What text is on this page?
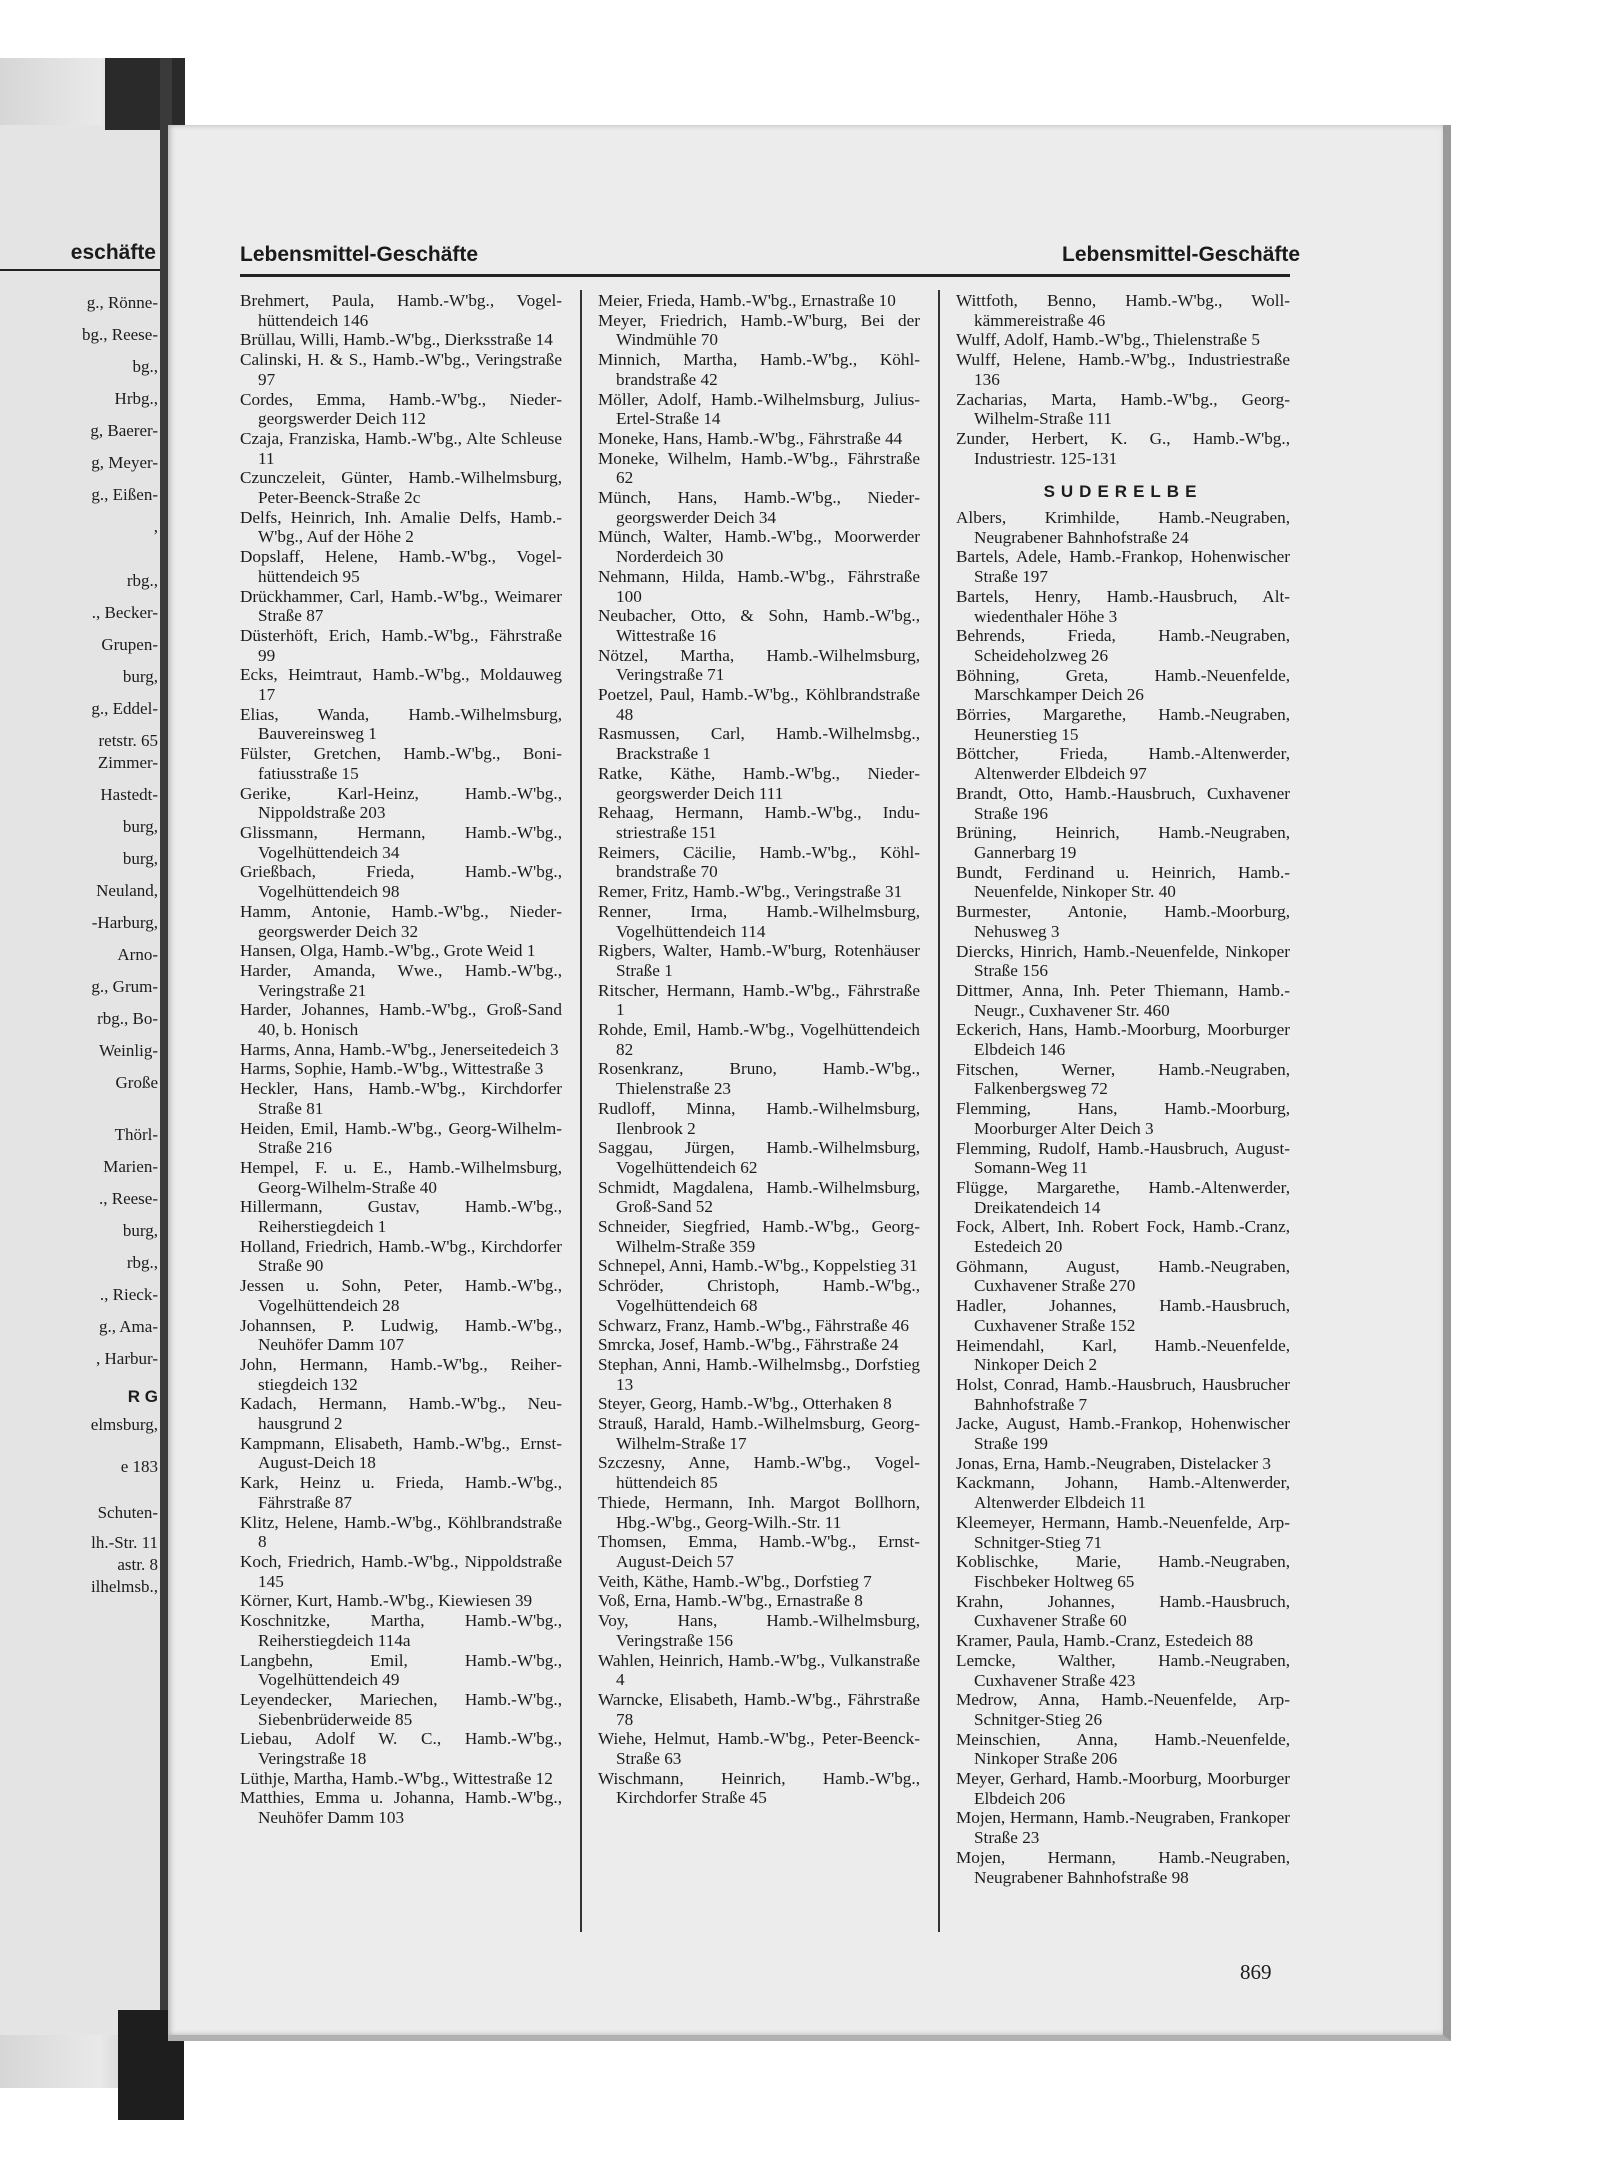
eschäfte
g., Rönne-
bg., Reese-
bg.,
Hrbg.,
g, Baerer-
g, Meyer-
g., Eißen-
,
rbg.,
., Becker-
Grupen-
burg,
g., Eddel-
retstr. 65
Zimmer-
Hastedt-
burg,
burg,
Neuland,
-Harburg,
Arno-
g., Grum-
rbg., Bo-
Weinlig-
Große
Thörl-
Marien-
., Reese-
burg,
rbg.,
., Rieck-
g., Ama-
, Harbur-
R G
elmsburg,
e 183
Schuten-
lh.-Str. 11
astr. 8
ilhelmsb.,
Lebensmittel-Geschäfte	Lebensmittel-Geschäfte

Brehmert, Paula, Hamb.-W'bg., Vogelhüttendeich 146

Brüllau, Willi, Hamb.-W'bg., Dierksstraße 14

Calinski, H. & S., Hamb.-W'bg., Veringstraße 97

Cordes, Emma, Hamb.-W'bg., Niedergeorgswerder Deich 112

Czaja, Franziska, Hamb.-W'bg., Alte Schleuse 11

Czunczeleit, Günter, Hamb.-Wilhelmsburg, Peter-Beenck-Straße 2c

Delfs, Heinrich, Inh. Amalie Delfs, Hamb.-W'bg., Auf der Höhe 2

Dopslaff, Helene, Hamb.-W'bg., Vogelhüttendeich 95

Drückhammer, Carl, Hamb.-W'bg., Weimarer Straße 87

Düsterhöft, Erich, Hamb.-W'bg., Fährstraße 99

Ecks, Heimtraut, Hamb.-W'bg., Moldauweg 17

Elias, Wanda, Hamb.-Wilhelmsburg, Bauvereinsweg 1

Fülster, Gretchen, Hamb.-W'bg., Bonifatiusstraße 15

Gerike, Karl-Heinz, Hamb.-W'bg., Nippoldstraße 203

Glissmann, Hermann, Hamb.-W'bg., Vogelhüttendeich 34

Grießbach, Frieda, Hamb.-W'bg., Vogelhüttendeich 98

Hamm, Antonie, Hamb.-W'bg., Niedergeorgswerder Deich 32

Hansen, Olga, Hamb.-W'bg., Grote Weid 1

Harder, Amanda, Wwe., Hamb.-W'bg., Veringstraße 21

Harder, Johannes, Hamb.-W'bg., Groß-Sand 40, b. Honisch

Harms, Anna, Hamb.-W'bg., Jenerseitedeich 3

Harms, Sophie, Hamb.-W'bg., Wittestraße 3

Heckler, Hans, Hamb.-W'bg., Kirchdorfer Straße 81

Heiden, Emil, Hamb.-W'bg., Georg-Wilhelm-Straße 216

Hempel, F. u. E., Hamb.-Wilhelmsburg, Georg-Wilhelm-Straße 40

Hillermann, Gustav, Hamb.-W'bg., Reiherstiegdeich 1

Holland, Friedrich, Hamb.-W'bg., Kirchdorfer Straße 90

Jessen u. Sohn, Peter, Hamb.-W'bg., Vogelhüttendeich 28

Johannsen, P. Ludwig, Hamb.-W'bg., Neuhöfer Damm 107

John, Hermann, Hamb.-W'bg., Reiherstiegdeich 132

Kadach, Hermann, Hamb.-W'bg., Neuhausgrund 2

Kampmann, Elisabeth, Hamb.-W'bg., Ernst-August-Deich 18

Kark, Heinz u. Frieda, Hamb.-W'bg., Fährstraße 87

Klitz, Helene, Hamb.-W'bg., Köhlbrandstraße 8

Koch, Friedrich, Hamb.-W'bg., Nippoldstraße 145

Körner, Kurt, Hamb.-W'bg., Kiewiesen 39

Koschnitzke, Martha, Hamb.-W'bg., Reiherstiegdeich 114a

Langbehn, Emil, Hamb.-W'bg., Vogelhüttendeich 49

Leyendecker, Mariechen, Hamb.-W'bg., Siebenbrüderweide 85

Liebau, Adolf W. C., Hamb.-W'bg., Veringstraße 18

Lüthje, Martha, Hamb.-W'bg., Wittestraße 12

Matthies, Emma u. Johanna, Hamb.-W'bg., Neuhöfer Damm 103

Meier, Frieda, Hamb.-W'bg., Ernastraße 10

Meyer, Friedrich, Hamb.-W'burg, Bei der Windmühle 70

Minnich, Martha, Hamb.-W'bg., Köhlbrandstraße 42

Möller, Adolf, Hamb.-Wilhelmsburg, Julius-Ertel-Straße 14

Moneke, Hans, Hamb.-W'bg., Fährstraße 44

Moneke, Wilhelm, Hamb.-W'bg., Fährstraße 62

Münch, Hans, Hamb.-W'bg., Niedergeorgswerder Deich 34

Münch, Walter, Hamb.-W'bg., Moorwerder Norderdeich 30

Nehmann, Hilda, Hamb.-W'bg., Fährstraße 100

Neubacher, Otto, & Sohn, Hamb.-W'bg., Wittestraße 16

Nötzel, Martha, Hamb.-Wilhelmsburg, Veringstraße 71

Poetzel, Paul, Hamb.-W'bg., Köhlbrandstraße 48

Rasmussen, Carl, Hamb.-Wilhelmsbg., Brackstraße 1

Ratke, Käthe, Hamb.-W'bg., Niedergeorgswerder Deich 111

Rehaag, Hermann, Hamb.-W'bg., Industriestraße 151

Reimers, Cäcilie, Hamb.-W'bg., Köhlbrandstraße 70

Remer, Fritz, Hamb.-W'bg., Veringstraße 31

Renner, Irma, Hamb.-Wilhelmsburg, Vogelhüttendeich 114

Rigbers, Walter, Hamb.-W'burg, Rotenhäuser Straße 1

Ritscher, Hermann, Hamb.-W'bg., Fährstraße 1

Rohde, Emil, Hamb.-W'bg., Vogelhüttendeich 82

Rosenkranz, Bruno, Hamb.-W'bg., Thielenstraße 23

Rudloff, Minna, Hamb.-Wilhelmsburg, Ilenbrook 2

Saggau, Jürgen, Hamb.-Wilhelmsburg, Vogelhüttendeich 62

Schmidt, Magdalena, Hamb.-Wilhelmsburg, Groß-Sand 52

Schneider, Siegfried, Hamb.-W'bg., Georg-Wilhelm-Straße 359

Schnepel, Anni, Hamb.-W'bg., Koppelstieg 31

Schröder, Christoph, Hamb.-W'bg., Vogelhüttendeich 68

Schwarz, Franz, Hamb.-W'bg., Fährstraße 46

Smrcka, Josef, Hamb.-W'bg., Fährstraße 24

Stephan, Anni, Hamb.-Wilhelmsbg., Dorfstieg 13

Steyer, Georg, Hamb.-W'bg., Otterhaken 8

Strauß, Harald, Hamb.-Wilhelmsburg, Georg-Wilhelm-Straße 17

Szczesny, Anne, Hamb.-W'bg., Vogelhüttendeich 85

Thiede, Hermann, Inh. Margot Bollhorn, Hbg.-W'bg., Georg-Wilh.-Str. 11

Thomsen, Emma, Hamb.-W'bg., Ernst-August-Deich 57

Veith, Käthe, Hamb.-W'bg., Dorfstieg 7

Voß, Erna, Hamb.-W'bg., Ernastraße 8

Voy, Hans, Hamb.-Wilhelmsburg, Veringstraße 156

Wahlen, Heinrich, Hamb.-W'bg., Vulkanstraße 4

Warncke, Elisabeth, Hamb.-W'bg., Fährstraße 78

Wiehe, Helmut, Hamb.-W'bg., Peter-Beenck-Straße 63

Wischmann, Heinrich, Hamb.-W'bg., Kirchdorfer Straße 45

Wittfoth, Benno, Hamb.-W'bg., Wollkämmereistraße 46

Wulff, Adolf, Hamb.-W'bg., Thielenstraße 5

Wulff, Helene, Hamb.-W'bg., Industriestraße 136

Zacharias, Marta, Hamb.-W'bg., Georg-Wilhelm-Straße 111

Zunder, Herbert, K. G., Hamb.-W'bg., Industriestr. 125-131

SUDERELBE

Albers, Krimhilde, Hamb.-Neugraben, Neugrabener Bahnhofstraße 24

Bartels, Adele, Hamb.-Frankop, Hohenwischer Straße 197

Bartels, Henry, Hamb.-Hausbruch, Altwiedenthaler Höhe 3

Behrends, Frieda, Hamb.-Neugraben, Scheideholzweg 26

Böhning, Greta, Hamb.-Neuenfelde, Marschkamper Deich 26

Börries, Margarethe, Hamb.-Neugraben, Heunerstieg 15

Böttcher, Frieda, Hamb.-Altenwerder, Altenwerder Elbdeich 97

Brandt, Otto, Hamb.-Hausbruch, Cuxhavener Straße 196

Brüning, Heinrich, Hamb.-Neugraben, Gannerbarg 19

Bundt, Ferdinand u. Heinrich, Hamb.-Neuenfelde, Ninkoper Str. 40

Burmester, Antonie, Hamb.-Moorburg, Nehusweg 3

Diercks, Hinrich, Hamb.-Neuenfelde, Ninkoper Straße 156

Dittmer, Anna, Inh. Peter Thiemann, Hamb.-Neugr., Cuxhavener Str. 460

Eckerich, Hans, Hamb.-Moorburg, Moorburger Elbdeich 146

Fitschen, Werner, Hamb.-Neugraben, Falkenbergsweg 72

Flemming, Hans, Hamb.-Moorburg, Moorburger Alter Deich 3

Flemming, Rudolf, Hamb.-Hausbruch, August-Somann-Weg 11

Flügge, Margarethe, Hamb.-Altenwerder, Dreikatendeich 14

Fock, Albert, Inh. Robert Fock, Hamb.-Cranz, Estedeich 20

Göhmann, August, Hamb.-Neugraben, Cuxhavener Straße 270

Hadler, Johannes, Hamb.-Hausbruch, Cuxhavener Straße 152

Heimendahl, Karl, Hamb.-Neuenfelde, Ninkoper Deich 2

Holst, Conrad, Hamb.-Hausbruch, Hausbrucher Bahnhofstraße 7

Jacke, August, Hamb.-Frankop, Hohenwischer Straße 199

Jonas, Erna, Hamb.-Neugraben, Distelacker 3

Kackmann, Johann, Hamb.-Altenwerder, Altenwerder Elbdeich 11

Kleemeyer, Hermann, Hamb.-Neuenfelde, Arp-Schnitger-Stieg 71

Koblischke, Marie, Hamb.-Neugraben, Fischbeker Holtweg 65

Krahn, Johannes, Hamb.-Hausbruch, Cuxhavener Straße 60

Kramer, Paula, Hamb.-Cranz, Estedeich 88

Lemcke, Walther, Hamb.-Neugraben, Cuxhavener Straße 423

Medrow, Anna, Hamb.-Neuenfelde, Arp-Schnitger-Stieg 26

Meinschien, Anna, Hamb.-Neuenfelde, Ninkoper Straße 206

Meyer, Gerhard, Hamb.-Moorburg, Moorburger Elbdeich 206

Mojen, Hermann, Hamb.-Neugraben, Frankoper Straße 23

Mojen, Hermann, Hamb.-Neugraben, Neugrabener Bahnhofstraße 98

869
